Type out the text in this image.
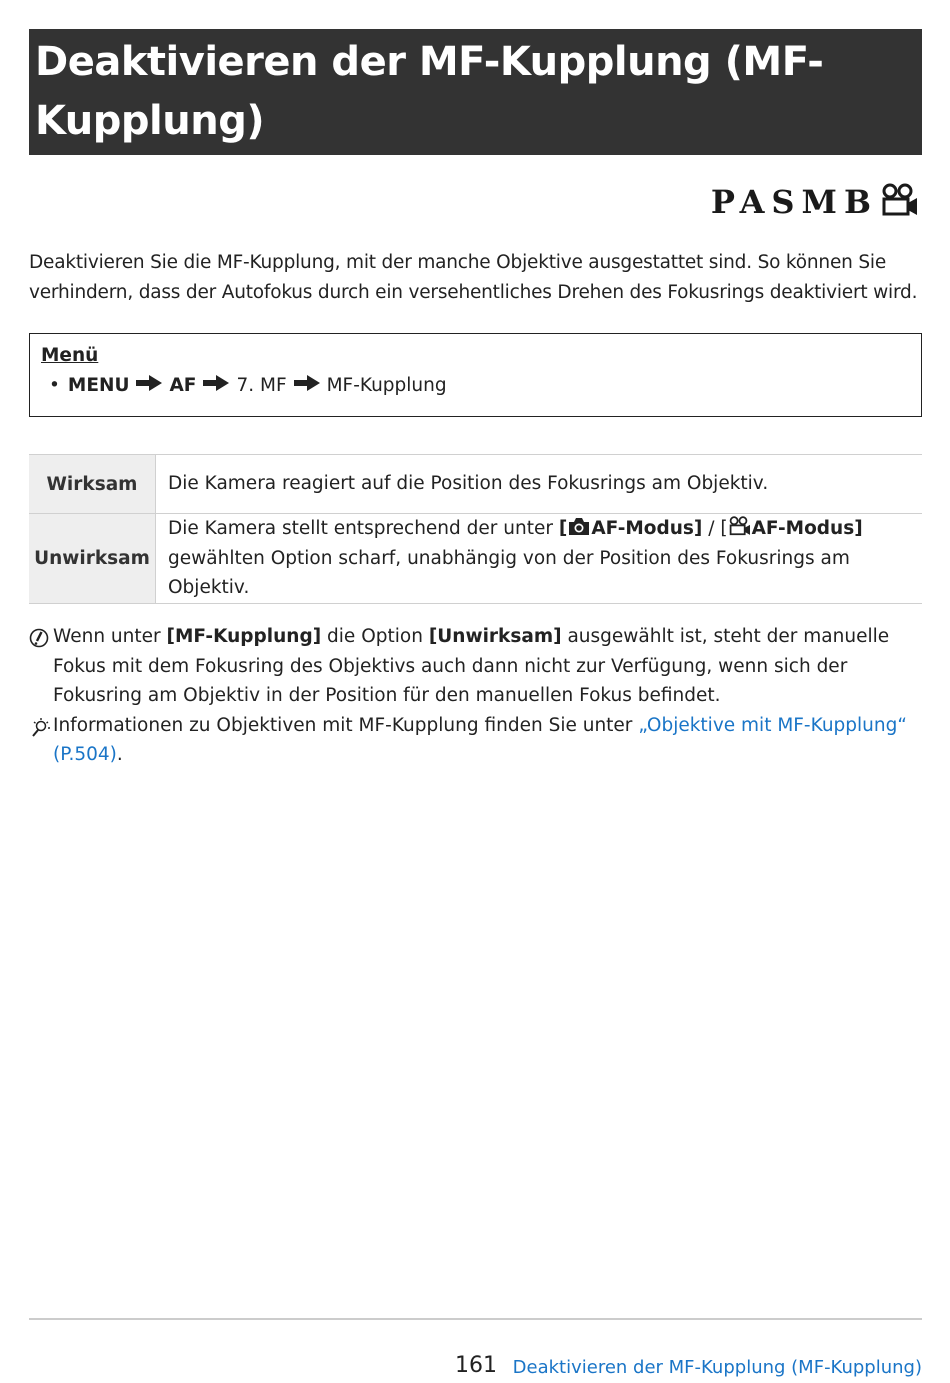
Deaktivieren der MF-Kupplung (MF-
Kupplung)
PASMB

Deaktivieren Sie die MF-Kupplung, mit der manche Objektive ausgestattet sind. So können Sie verhindern, dass der Autofokus durch ein versehentliches Drehen des Fokusrings deaktiviert wird.

Menü
• MENU AF 7. MF MF-Kupplung
Wirksam	Die Kamera reagiert auf die Position des Fokusrings am Objektiv.
Unwirksam	Die Kamera stellt entsprechend der unter [ AF-Modus] / [ AF-Modus]
gewählten Option scharf, unabhängig von der Position des Fokusrings am Objektiv.

Wenn unter [MF-Kupplung] die Option [Unwirksam] ausgewählt ist, steht der manuelle Fokus mit dem Fokusring des Objektivs auch dann nicht zur Verfügung, wenn sich der Fokusring am Objektiv in der Position für den manuellen Fokus befindet.

Informationen zu Objektiven mit MF-Kupplung finden Sie unter „Objektive mit MF-Kupplung“ (P.504).

161 Deaktivieren der MF-Kupplung (MF-Kupplung)
